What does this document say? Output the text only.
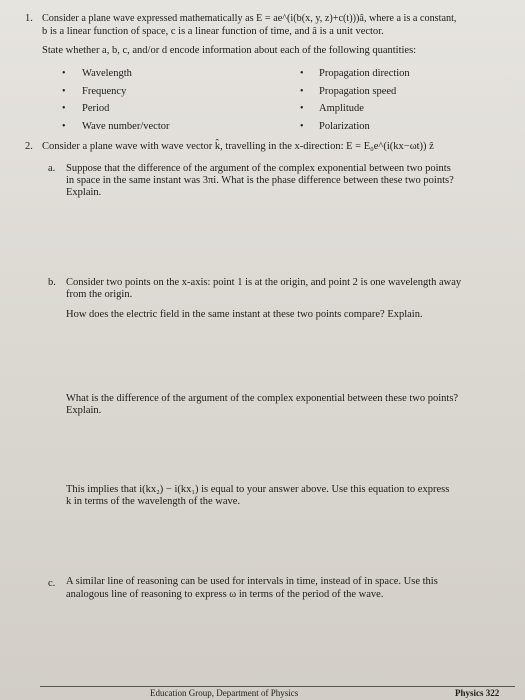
1. Consider a plane wave expressed mathematically as E = ae^(i(b(x, y, z)+c(t)))â, where a is a constant,
b is a linear function of space, c is a linear function of time, and â is a unit vector.
State whether a, b, c, and/or d encode information about each of the following quantities:
• Wavelength
• Frequency
• Period
• Wave number/vector
• Propagation direction
• Propagation speed
• Amplitude
• Polarization
2. Consider a plane wave with wave vector k̂, travelling in the x-direction: E = E₀e^(i(kx−ωt)) ẑ
a. Suppose that the difference of the argument of the complex exponential between two points
in space in the same instant was 3πi. What is the phase difference between these two points?
Explain.
b. Consider two points on the x-axis: point 1 is at the origin, and point 2 is one wavelength away
from the origin.
How does the electric field in the same instant at these two points compare? Explain.
What is the difference of the argument of the complex exponential between these two points?
Explain.
This implies that i(kx₂) − i(kx₁) is equal to your answer above. Use this equation to express
k in terms of the wavelength of the wave.
c. A similar line of reasoning can be used for intervals in time, instead of in space. Use this
analogous line of reasoning to express ω in terms of the period of the wave.
Education Group, Department of Physics	Physics 322
